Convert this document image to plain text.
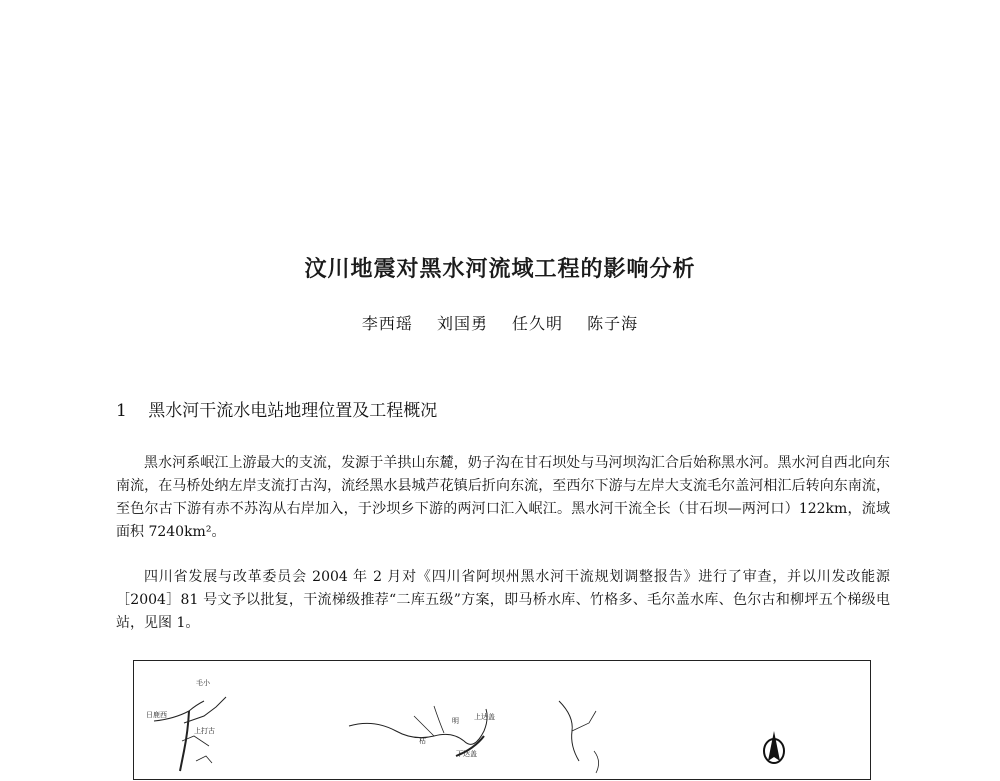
汶川地震对黑水河流域工程的影响分析
李西瑶 刘国勇 任久明 陈子海
1 黑水河干流水电站地理位置及工程概况

黑水河系岷江上游最大的支流，发源于羊拱山东麓，奶子沟在甘石坝处与马河坝沟汇合后始称黑水河。黑水河自西北向东南流，在马桥处纳左岸支流打古沟，流经黑水县城芦花镇后折向东流，至西尔下游与左岸大支流毛尔盖河相汇后转向东南流，至色尔古下游有赤不苏沟从右岸加入，于沙坝乡下游的两河口汇入岷江。黑水河干流全长（甘石坝—两河口）122km，流域面积 7240km²。

四川省发展与改革委员会 2004 年 2 月对《四川省阿坝州黑水河干流规划调整报告》进行了审查，并以川发改能源［2004］81 号文予以批复，干流梯级推荐“二库五级”方案，即马桥水库、竹格多、毛尔盖水库、色尔古和柳坪五个梯级电站，见图 1。

毛小
日鹿西
上打古
上达盖
枯
明
下达盖
